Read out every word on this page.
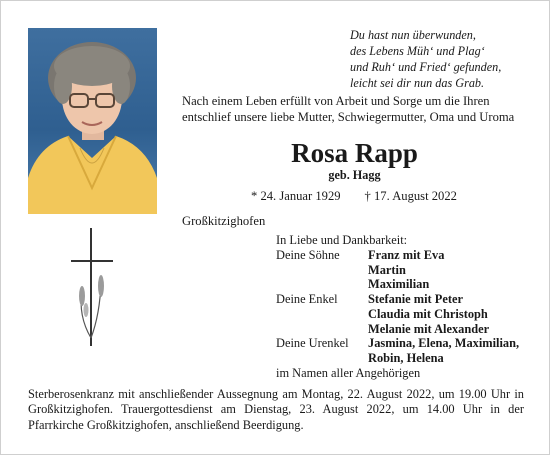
Du hast nun überwunden,
des Lebens Müh‘ und Plag‘
und Ruh‘ und Fried‘ gefunden,
leicht sei dir nun das Grab.
Nach einem Leben erfüllt von Arbeit und Sorge um die Ihren entschlief unsere liebe Mutter, Schwiegermutter, Oma und Uroma
Rosa Rapp
geb. Hagg
* 24. Januar 1929 † 17. August 2022
Großkitzighofen
In Liebe und Dankbarkeit:
Deine Söhne	Franz mit Eva
Martin
Maximilian
Deine Enkel	Stefanie mit Peter
Claudia mit Christoph
Melanie mit Alexander
Deine Urenkel	Jasmina, Elena, Maximilian,
Robin, Helena
im Namen aller Angehörigen
Sterberosenkranz mit anschließender Aussegnung am Montag, 22. August 2022, um 19.00 Uhr in Großkitzighofen. Trauergottesdienst am Dienstag, 23. August 2022, um 14.00 Uhr in der Pfarrkirche Großkitzighofen, anschließend Beerdigung.
